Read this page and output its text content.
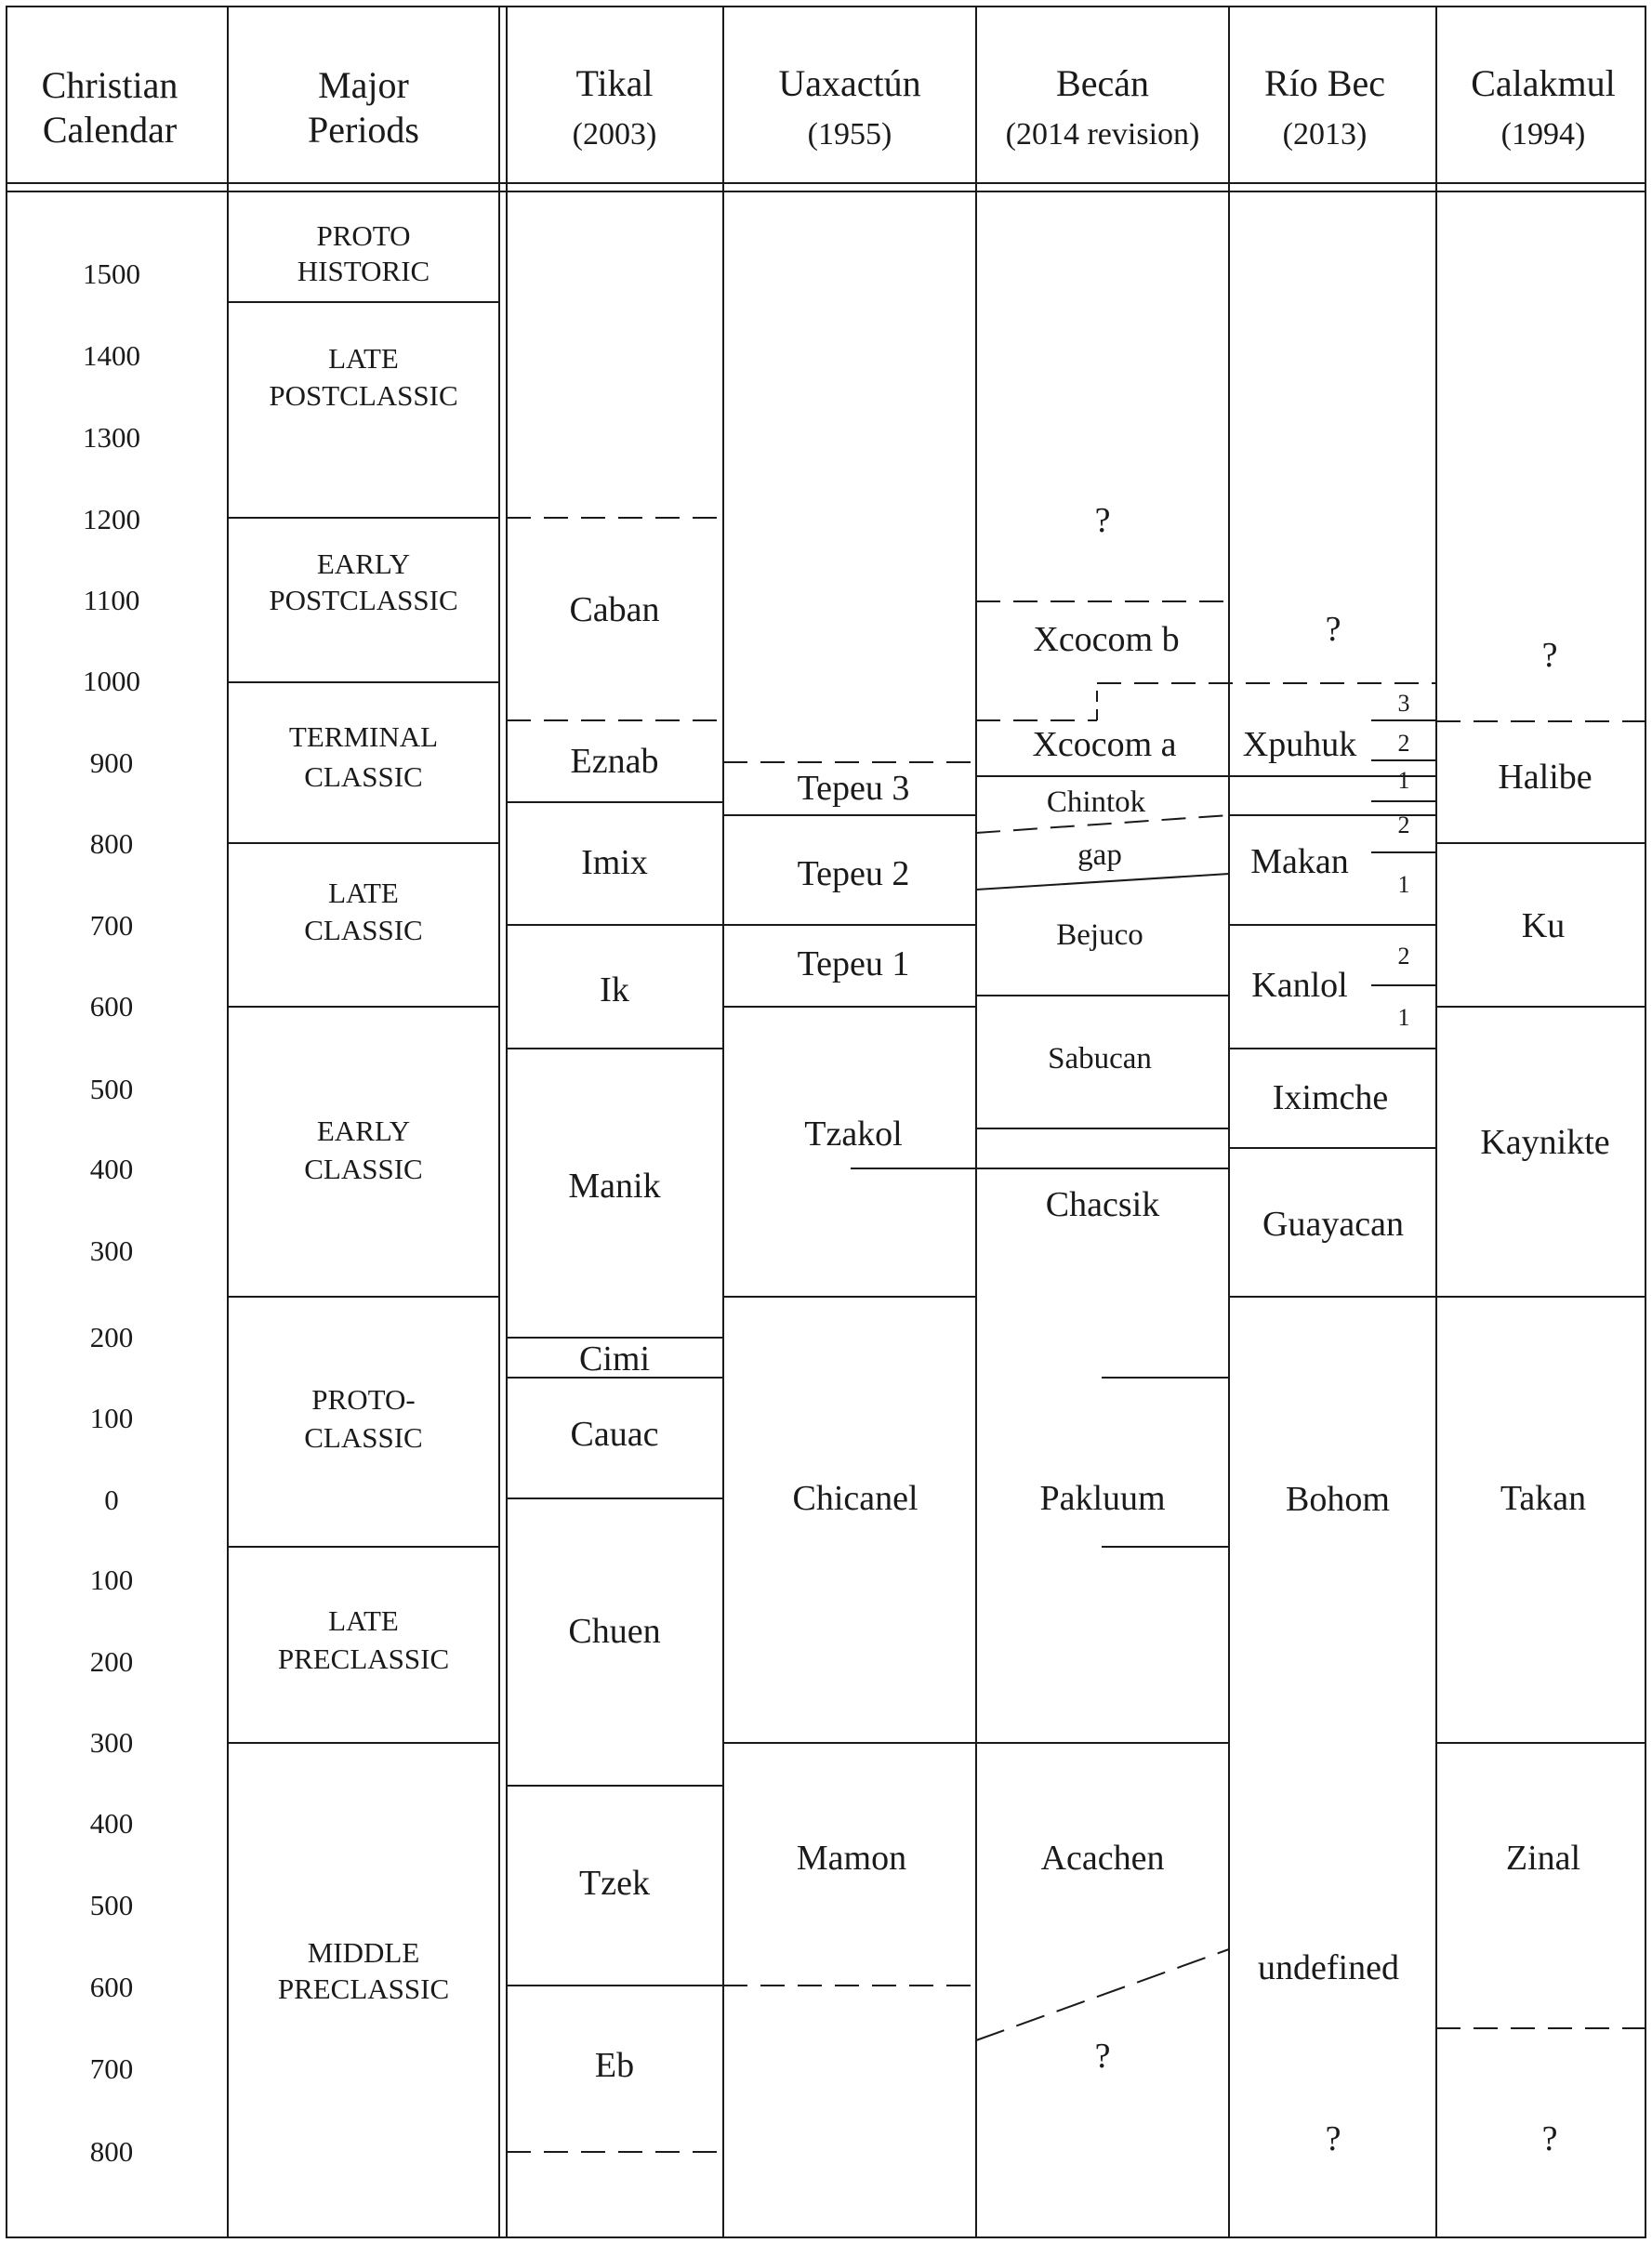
Christian
Calendar
Major
Periods
Tikal
(2003)
Uaxactún
(1955)
Becán
(2014 revision)
Río Bec
(2013)
Calakmul
(1994)
1500
1400
1300
1200
1100
1000
900
800
700
600
500
400
300
200
100
0
100
200
300
400
500
600
700
800
PROTO
HISTORIC
LATE
POSTCLASSIC
EARLY
POSTCLASSIC
TERMINAL
CLASSIC
LATE
CLASSIC
EARLY
CLASSIC
PROTO-
CLASSIC
LATE
PRECLASSIC
MIDDLE
PRECLASSIC
Caban
Eznab
Imix
Ik
Manik
Cimi
Cauac
Chuen
Tzek
Eb
Tepeu 3
Tepeu 2
Tepeu 1
Tzakol
Chicanel
Mamon
?
Xcocom b
Xcocom a
Chintok
gap
Bejuco
Sabucan
Chacsik
Pakluum
Acachen
?
?
Xpuhuk
3
2
1
Makan
2
1
Kanlol
2
1
Iximche
Guayacan
Bohom
undefined
?
?
Halibe
Ku
Kaynikte
Takan
Zinal
?
